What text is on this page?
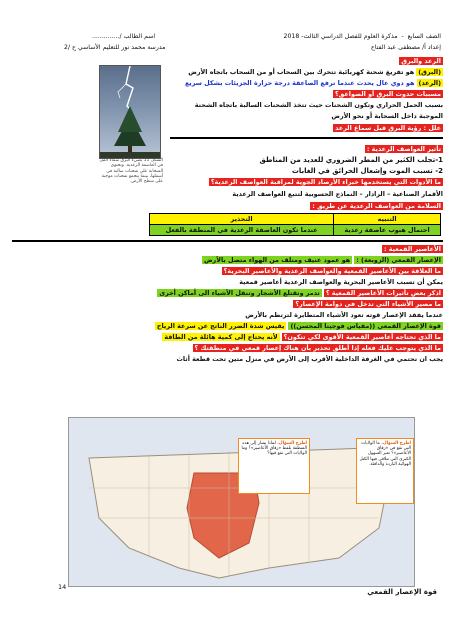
الصف السابع  -  مذكرة العلوم للفصل الدراسي الثالث- 2018
اسم الطالب /..............
إعداد أ/ مصطفى عبد الفتاح
مدرسة محمد نور للتعليم الأساسي ح /2
الرعد والبرق
(البرق) هو تفريغ شحنة كهربائية تتحرك بين السحاب أو من السحاب باتجاه الأرض
(الرعد) هو دوي عال يحدث عندما ترفع الصاعقة درجة حرارة الجزيئات بشكل سريع
مسببات حدوث البرق أو الصواعق؟
بسبب الحمل الحراري وتكون الشحنات حيث تتخذ الشحنات السالبة باتجاه الشحنة
الموجبة داخل السحابة أو نحو الأرض
علل : رؤية البرق قبل سماع الرعد
الشكل 11 يضيء البرق سماء الليل في العاصفة الرعدية. وتحتوي السحابة على شحنات سالبة في أسفلها، بينما تتجمع شحنات موجبة على سطح الأرض.
تأثير العواصف الرعدية :
1-تجلب الكثير من المطر الضروري للعديد من المناطق
2- تسبب الموت وإشعال الحرائق في الغابات
ما الأدوات التي يستخدمها خبراء الأرصاد الجوية لمراقبة العواصف الرعدية؟
الأقمار الصناعية – الرادار – النماذج الحسوبية لتتبع العواصف الرعدية
السلامة من العواصف الرعدية عن طريق :
التنبيه	التحذير
احتمال هبوب عاصفة رعدية	عندما تكون العاصفة الرعدية في المنطقة بالفعل
الأعاصير القمعية :
الإعصار القمعي (الزوبعة) : هو عمود عنيف ومتلف من الهواء متصل بالأرض
ما العلاقة بين الأعاصير القمعية والعواصف الرعدية والأعاصير البحرية؟
يمكن أن تسبب الأعاصير البحرية والعواصف الرعدية أعاصير قمعية
اذكر بعض تأثيرات الأعاصير القمعية ؟ تدمر وتقتلع الأشجار وتنقل الأشياء الى أماكن أخرى
ما مصير الأشياء التي تدخل في دوامة الإعصار؟
عندما يفقد الإعصار قوته تعود الأشياء المتطايرة لترتطم بالأرض
قوة الإعصار القمعي ((مقياس فوجيتا المحسن)) يقيس شدة الضرر الناتج عن سرعة الرياح
ما الذي تحتاجه أعاصير القمعية الأقوى لكي تتكون؟ لأنه يحتاج إلى كمية هائلة من الطاقة
ما الذي يتوجب عليك فعله إذا أطلق تحذير بأن هناك إعصار قمعي في منطقتك ؟
يجب ان تحتمي في الغرفة الداخلية الأقرب إلى الأرض في منزل متين تحت قطعة أثاث
اطرح السؤال. لماذا يشار إلى هذه المنطقة بلفظ «زقاق الأعاصير»؟ وما الولايات التي تقع فيها؟
اطرح السؤال. ما الولايات التي تقع في «زقاق الأعاصير»؟ تعبر السهول الكبرى التي تتلاقى فيها الكتل الهوائية الباردة والدافئة.
14
قوة الإعصار القمعي
